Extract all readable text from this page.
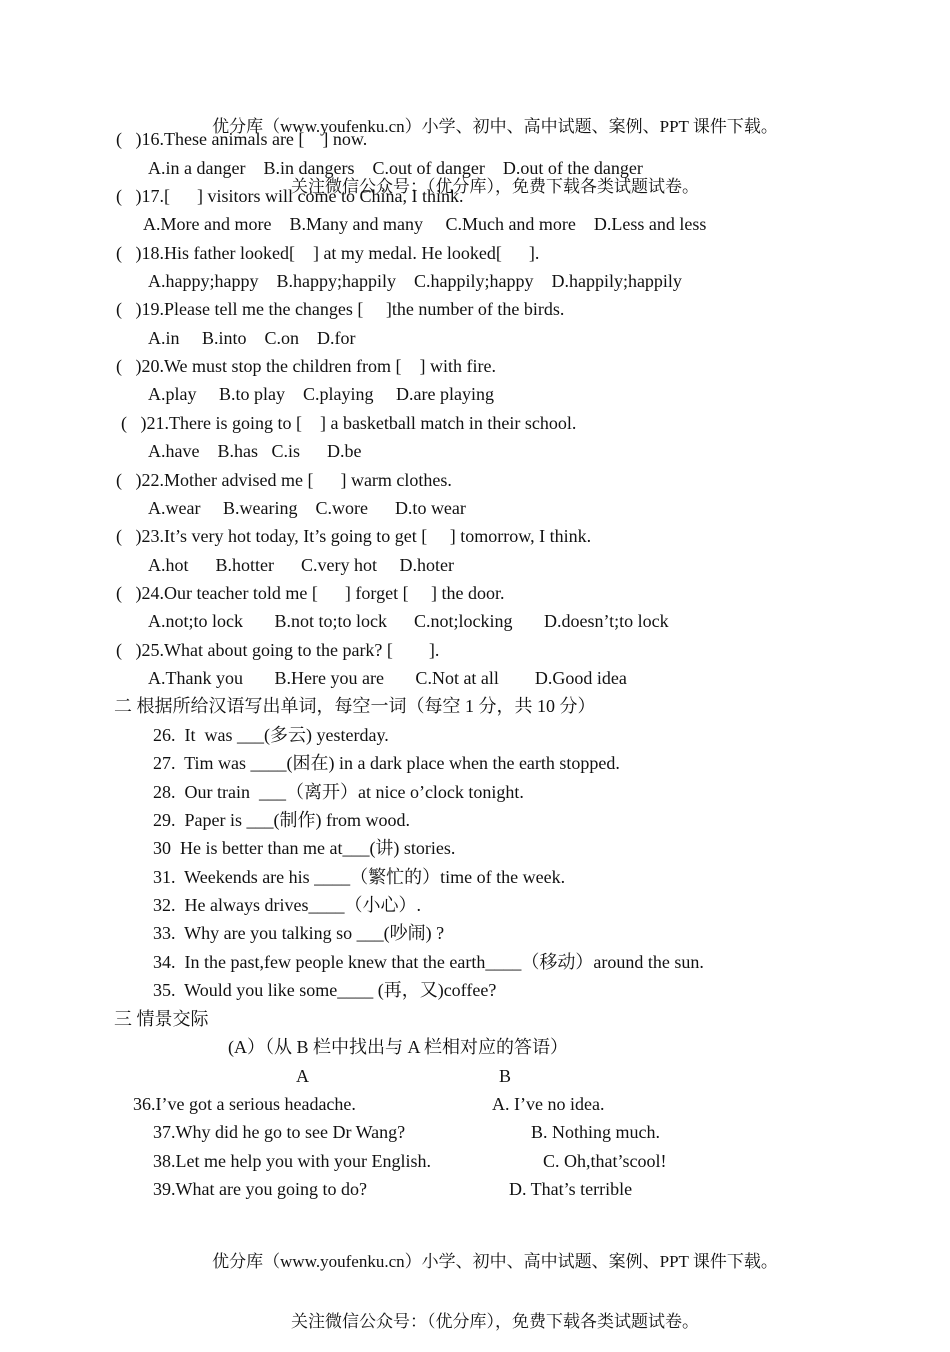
优分库（www.youfenku.cn）小学、初中、高中试题、案例、PPT 课件下载。

关注微信公众号：（优分库），免费下载各类试题试卷。

(   )16.These animals are [    ] now.
A.in a danger    B.in dangers    C.out of danger    D.out of the danger
(   )17.[      ] visitors will come to China, I think.
A.More and more    B.Many and many     C.Much and more    D.Less and less
(   )18.His father looked[    ] at my medal. He looked[      ].
A.happy;happy    B.happy;happily    C.happily;happy    D.happily;happily
(   )19.Please tell me the changes [     ]the number of the birds.
A.in     B.into    C.on    D.for
(   )20.We must stop the children from [    ] with fire.
A.play     B.to play    C.playing     D.are playing
(   )21.There is going to [    ] a basketball match in their school.
A.have    B.has   C.is      D.be
(   )22.Mother advised me [      ] warm clothes.
A.wear     B.wearing    C.wore      D.to wear
(   )23.It’s very hot today, It’s going to get [     ] tomorrow, I think.
A.hot      B.hotter      C.very hot     D.hoter
(   )24.Our teacher told me [      ] forget [     ] the door.
A.not;to lock       B.not to;to lock      C.not;locking       D.doesn’t;to lock
(   )25.What about going to the park? [        ].
A.Thank you       B.Here you are       C.Not at all        D.Good idea
二 根据所给汉语写出单词，每空一词（每空 1 分，共 10 分）
26.  It  was ___(多云) yesterday.
27.  Tim was ____(困在) in a dark place when the earth stopped.
28.  Our train  ___（离开）at nice o’clock tonight.
29.  Paper is ___(制作) from wood.
30  He is better than me at___(讲) stories.
31.  Weekends are his ____（繁忙的）time of the week.
32.  He always drives____（小心）.
33.  Why are you talking so ___(吵闹) ?
34.  In the past,few people knew that the earth____（移动）around the sun.
35.  Would you like some____ (再，又)coffee?
三 情景交际
(A）（从 B 栏中找出与 A 栏相对应的答语）
A	B
36.I’ve got a serious headache.	A. I’ve no idea.
37.Why did he go to see Dr Wang?	B. Nothing much.
38.Let me help you with your English.	C. Oh,that’scool!
39.What are you going to do?	D. That’s terrible

优分库（www.youfenku.cn）小学、初中、高中试题、案例、PPT 课件下载。

关注微信公众号：（优分库），免费下载各类试题试卷。
